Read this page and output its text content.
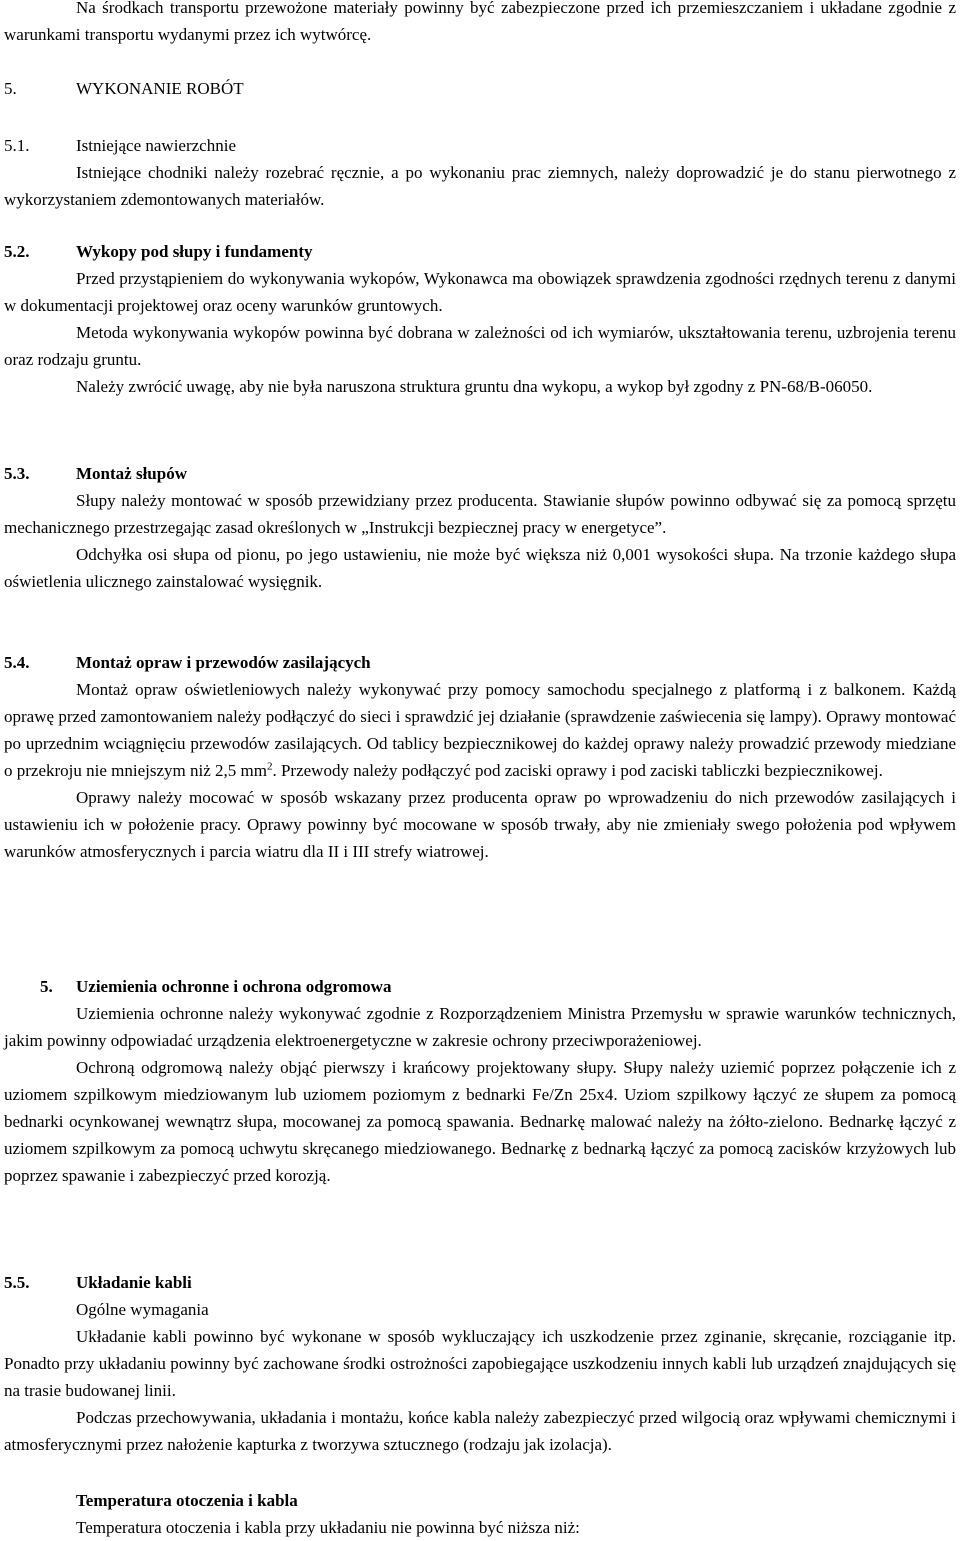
Na środkach transportu przewożone materiały powinny być zabezpieczone przed ich przemieszczaniem i układane zgodnie z warunkami transportu wydanymi przez ich wytwórcę.

5.	WYKONANIE ROBÓT
5.1.	Istniejące nawierzchnie

Istniejące chodniki należy rozebrać ręcznie, a po wykonaniu prac ziemnych, należy doprowadzić je do stanu pierwotnego z wykorzystaniem zdemontowanych materiałów.

5.2.	Wykopy pod słupy i fundamenty

Przed przystąpieniem do wykonywania wykopów, Wykonawca ma obowiązek sprawdzenia zgodności rzędnych terenu z danymi w dokumentacji projektowej oraz oceny warunków gruntowych.

Metoda wykonywania wykopów powinna być dobrana w zależności od ich wymiarów, ukształtowania terenu, uzbrojenia terenu oraz rodzaju gruntu.

Należy zwrócić uwagę, aby nie była naruszona struktura gruntu dna wykopu, a wykop był zgodny z PN-68/B-06050.

5.3.	Montaż słupów

Słupy należy montować w sposób przewidziany przez producenta. Stawianie słupów powinno odbywać się za pomocą sprzętu mechanicznego przestrzegając zasad określonych w „Instrukcji bezpiecznej pracy w energetyce”.

Odchyłka osi słupa od pionu, po jego ustawieniu, nie może być większa niż 0,001 wysokości słupa. Na trzonie każdego słupa oświetlenia ulicznego zainstalować wysięgnik.

5.4.	Montaż opraw i przewodów zasilających

Montaż opraw oświetleniowych należy wykonywać przy pomocy samochodu specjalnego z platformą i z balkonem. Każdą oprawę przed zamontowaniem należy podłączyć do sieci i sprawdzić jej działanie (sprawdzenie zaświecenia się lampy). Oprawy montować po uprzednim wciągnięciu przewodów zasilających. Od tablicy bezpiecznikowej do każdej oprawy należy prowadzić przewody miedziane o przekroju nie mniejszym niż 2,5 $mm^2$. Przewody należy podłączyć pod zaciski oprawy i pod zaciski tabliczki bezpiecznikowej.

Oprawy należy mocować w sposób wskazany przez producenta opraw po wprowadzeniu do nich przewodów zasilających i ustawieniu ich w położenie pracy. Oprawy powinny być mocowane w sposób trwały, aby nie zmieniały swego położenia pod wpływem warunków atmosferycznych i parcia wiatru dla II i III strefy wiatrowej.

5.	Uziemienia ochronne i ochrona odgromowa

Uziemienia ochronne należy wykonywać zgodnie z Rozporządzeniem Ministra Przemysłu w sprawie warunków technicznych, jakim powinny odpowiadać urządzenia elektroenergetyczne w zakresie ochrony przeciwporażeniowej.

Ochroną odgromową należy objąć pierwszy i krańcowy projektowany słupy. Słupy należy uziemić poprzez połączenie ich z uziomem szpilkowym miedziowanym lub uziomem poziomym z bednarki Fe/Zn 25x4. Uziom szpilkowy łączyć ze słupem za pomocą bednarki ocynkowanej wewnątrz słupa, mocowanej za pomocą spawania. Bednarkę malować należy na żółto-zielono. Bednarkę łączyć z uziomem szpilkowym za pomocą uchwytu skręcanego miedziowanego. Bednarkę z bednarką łączyć za pomocą zacisków krzyżowych lub poprzez spawanie i zabezpieczyć przed korozją.

5.5.	Układanie kabli
Ogólne wymagania

Układanie kabli powinno być wykonane w sposób wykluczający ich uszkodzenie przez zginanie, skręcanie, rozciąganie itp. Ponadto przy układaniu powinny być zachowane środki ostrożności zapobiegające uszkodzeniu innych kabli lub urządzeń znajdujących się na trasie budowanej linii.

Podczas przechowywania, układania i montażu, końce kabla należy zabezpieczyć przed wilgocią oraz wpływami chemicznymi i atmosferycznymi przez nałożenie kapturka z tworzywa sztucznego (rodzaju jak izolacja).

Temperatura otoczenia i kabla
Temperatura otoczenia i kabla przy układaniu nie powinna być niższa niż:
